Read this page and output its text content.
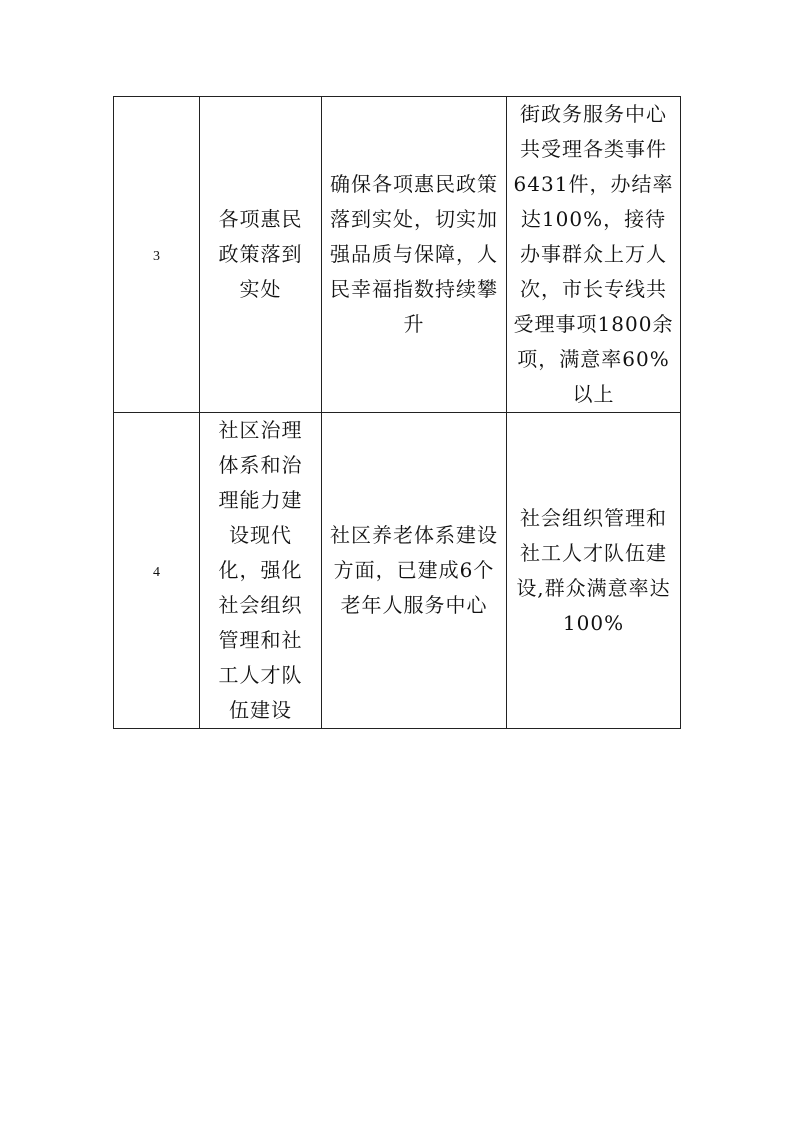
3	各项惠民政策落到实处	确保各项惠民政策落到实处，切实加强品质与保障，人民幸福指数持续攀升	街政务服务中心共受理各类事件6431件，办结率达100%，接待办事群众上万人次，市长专线共受理事项1800余项，满意率60%以上

4	社区治理体系和治理能力建设现代化，强化社会组织管理和社工人才队伍建设	社区养老体系建设方面，已建成6个老年人服务中心	社会组织管理和社工人才队伍建设,群众满意率达100%
